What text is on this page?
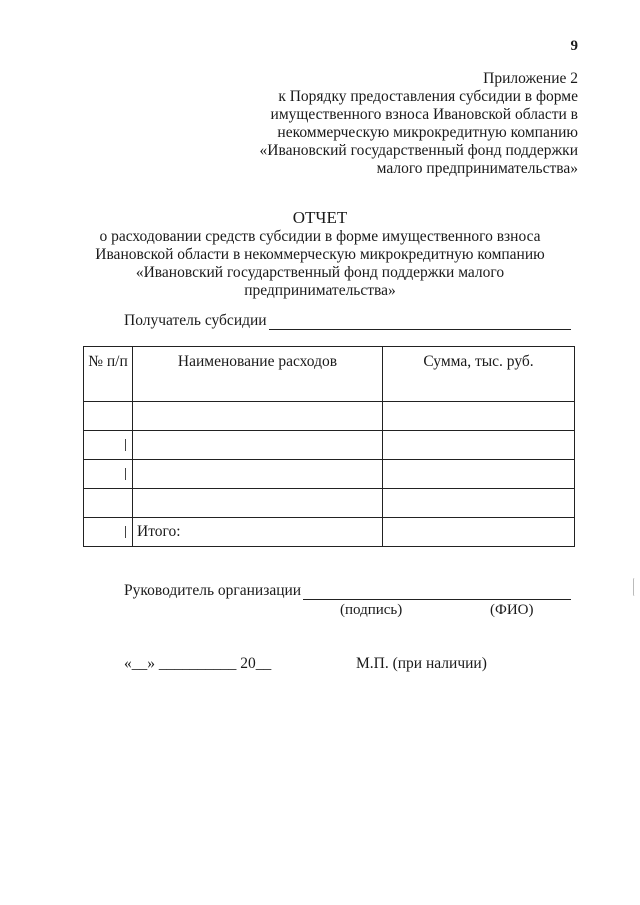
9
Приложение 2
к Порядку предоставления субсидии в форме
имущественного взноса Ивановской области в
некоммерческую микрокредитную компанию
«Ивановский государственный фонд поддержки
малого предпринимательства»
ОТЧЕТ
о расходовании средств субсидии в форме имущественного взноса
Ивановской области в некоммерческую микрокредитную компанию
«Ивановский государственный фонд поддержки малого
предпринимательства»
Получатель субсидии
№ п/п	Наименование расходов	Сумма, тыс. руб.

	Итого:	
Руководитель организации
(подпись)	(ФИО)
«__» __________ 20__	М.П. (при наличии)
